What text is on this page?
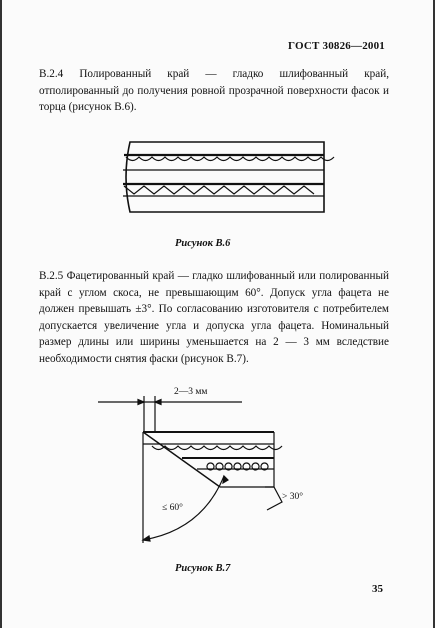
ГОСТ 30826—2001
В.2.4 Полированный край — гладко шлифованный край, отполированный до получения ровной прозрачной поверхности фасок и торца (рисунок В.6).
Рисунок В.6
В.2.5 Фацетированный край — гладко шлифованный или полированный край с углом скоса, не превышающим 60°. Допуск угла фацета не должен превышать ±3°. По согласованию изготовителя с потребителем допускается увеличение угла и допуска угла фацета. Номинальный размер длины или ширины уменьшается на 2 — 3 мм вследствие необходимости снятия фаски (рисунок В.7).
2—3 мм
≤ 60°
> 30°
Рисунок В.7
35
